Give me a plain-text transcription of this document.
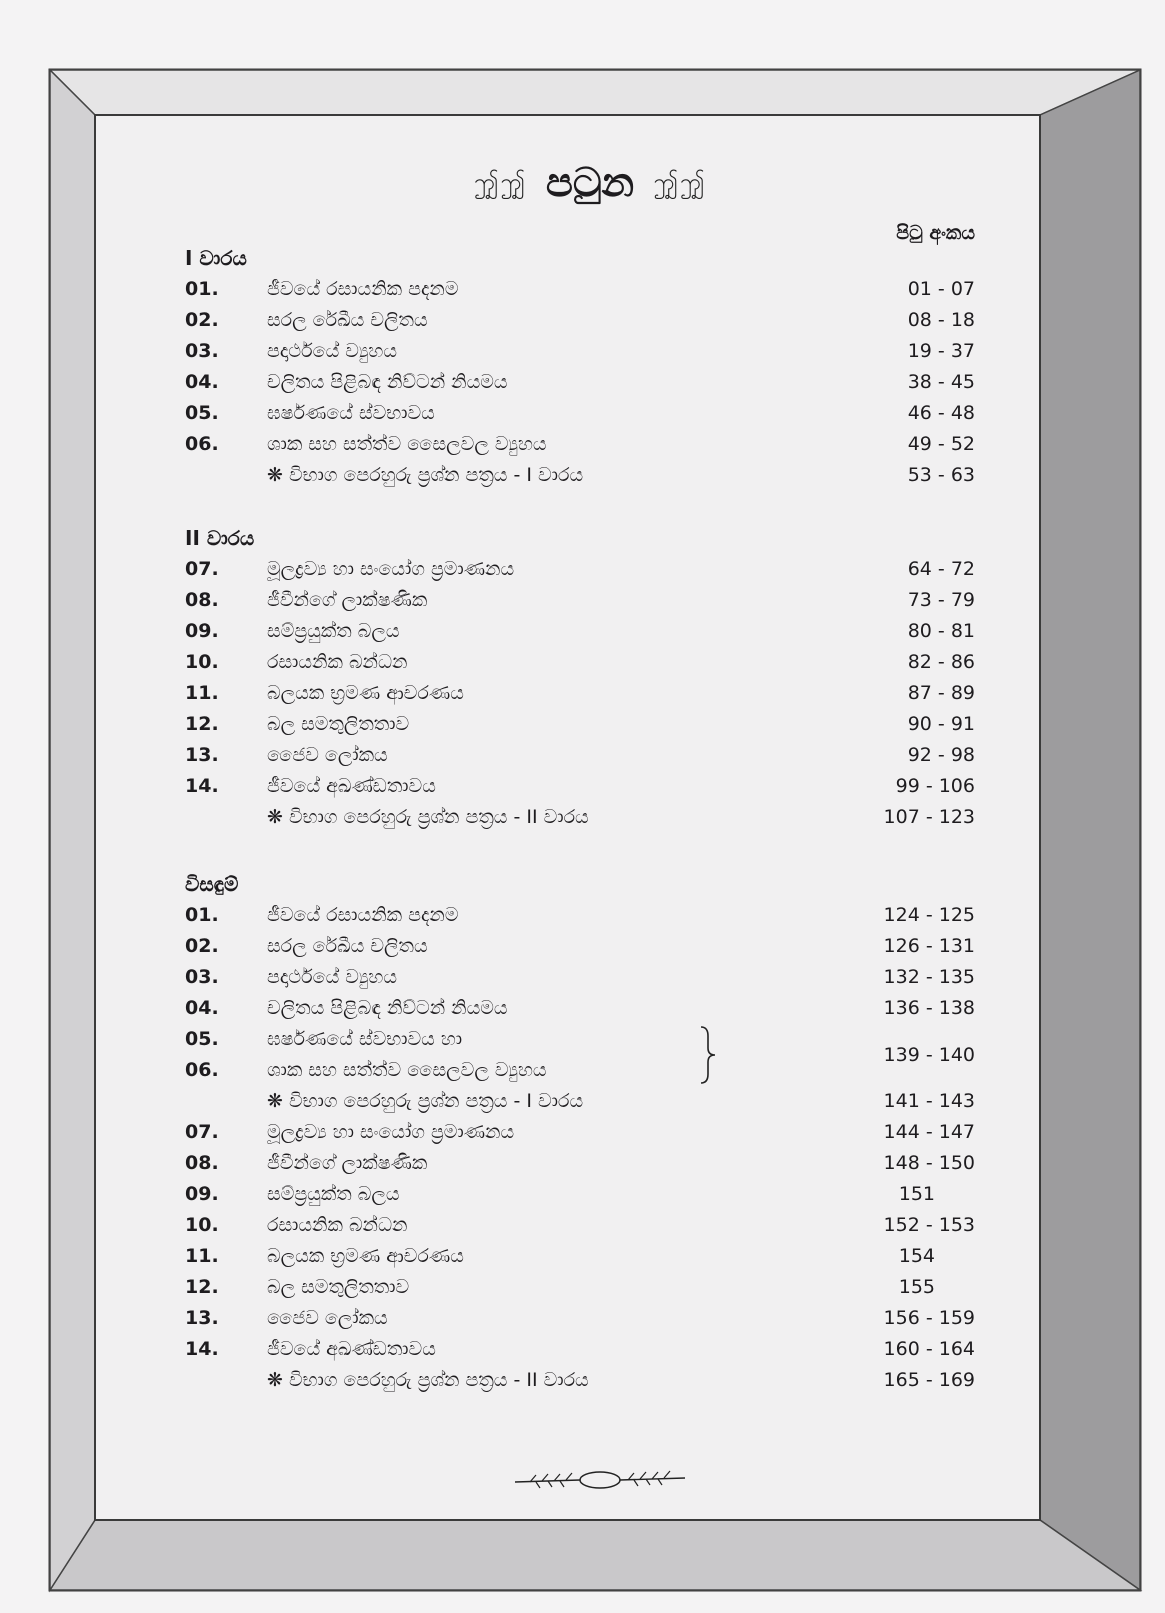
ꩶꩶ පටුන ꩶꩶ
පිටු අංකය
I වාරය
01.	ජීවයේ රසායනික පදනම	01 - 07
02.	සරල රේඛීය චලිතය	08 - 18
03.	පදාර්ථයේ ව්‍යුහය	19 - 37
04.	චලිතය පිළිබඳ නිව්ටන් නියමය	38 - 45
05.	ඝර්ෂණයේ ස්වභාවය	46 - 48
06.	ශාක සහ සත්ත්ව සෛලවල ව්‍යුහය	49 - 52
❋ විභාග පෙරහුරු ප්‍රශ්න පත්‍රය - I වාරය	53 - 63
II වාරය
07.	මූලද්‍රව්‍ය හා සංයෝග ප්‍රමාණනය	64 - 72
08.	ජීවීන්ගේ ලාක්ෂණික	73 - 79
09.	සම්ප්‍රයුක්ත බලය	80 - 81
10.	රසායනික බන්ධන	82 - 86
11.	බලයක භ්‍රමණ ආචරණය	87 - 89
12.	බල සමතුලිතතාව	90 - 91
13.	ජෛව ලෝකය	92 - 98
14.	ජීවයේ අඛණ්ඩතාවය	99 - 106
❋ විභාග පෙරහුරු ප්‍රශ්න පත්‍රය - II වාරය	107 - 123
විසඳුම්
01.	ජීවයේ රසායනික පදනම	124 - 125
02.	සරල රේඛීය චලිතය	126 - 131
03.	පදාර්ථයේ ව්‍යුහය	132 - 135
04.	චලිතය පිළිබඳ නිව්ටන් නියමය	136 - 138
05.	ඝර්ෂණයේ ස්වභාවය හා
06.	ශාක සහ සත්ත්ව සෛලවල ව්‍යුහය
139 - 140
❋ විභාග පෙරහුරු ප්‍රශ්න පත්‍රය - I වාරය	141 - 143
07.	මූලද්‍රව්‍ය හා සංයෝග ප්‍රමාණනය	144 - 147
08.	ජීවීන්ගේ ලාක්ෂණික	148 - 150
09.	සම්ප්‍රයුක්ත බලය	151
10.	රසායනික බන්ධන	152 - 153
11.	බලයක භ්‍රමණ ආචරණය	154
12.	බල සමතුලිතතාව	155
13.	ජෛව ලෝකය	156 - 159
14.	ජීවයේ අඛණ්ඩතාවය	160 - 164
❋ විභාග පෙරහුරු ප්‍රශ්න පත්‍රය - II වාරය	165 - 169
